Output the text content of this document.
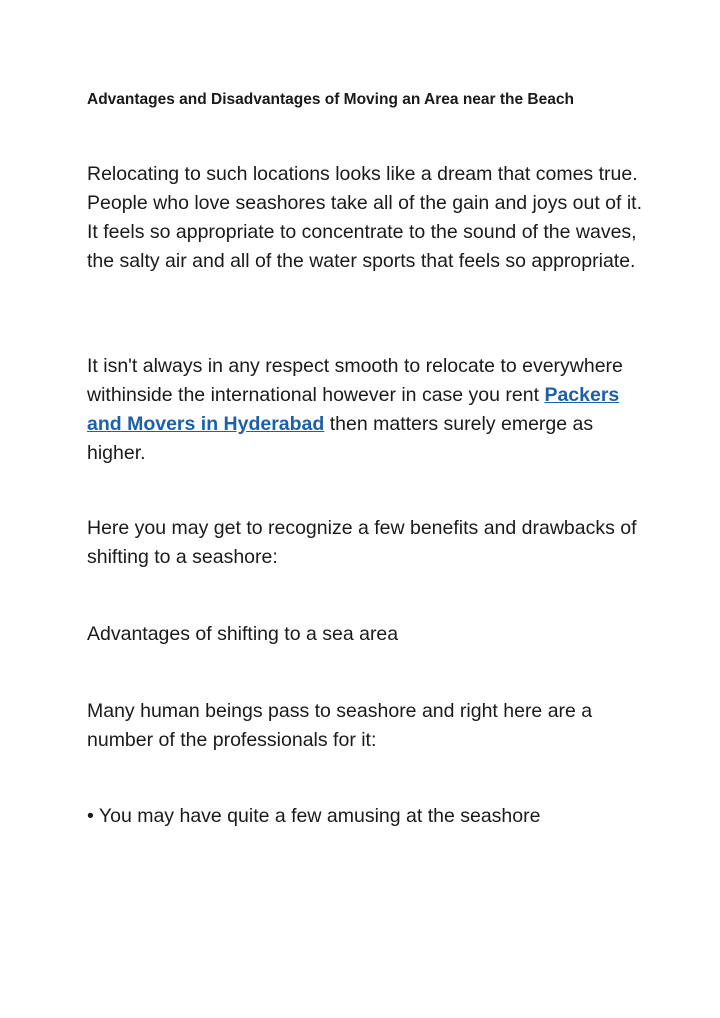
Advantages and Disadvantages of Moving an Area near the Beach

Relocating to such locations looks like a dream that comes true. People who love seashores take all of the gain and joys out of it. It feels so appropriate to concentrate to the sound of the waves, the salty air and all of the water sports that feels so appropriate.

It isn't always in any respect smooth to relocate to everywhere withinside the international however in case you rent Packers and Movers in Hyderabad then matters surely emerge as higher.

Here you may get to recognize a few benefits and drawbacks of shifting to a seashore:

Advantages of shifting to a sea area

Many human beings pass to seashore and right here are a number of the professionals for it:

• You may have quite a few amusing at the seashore
